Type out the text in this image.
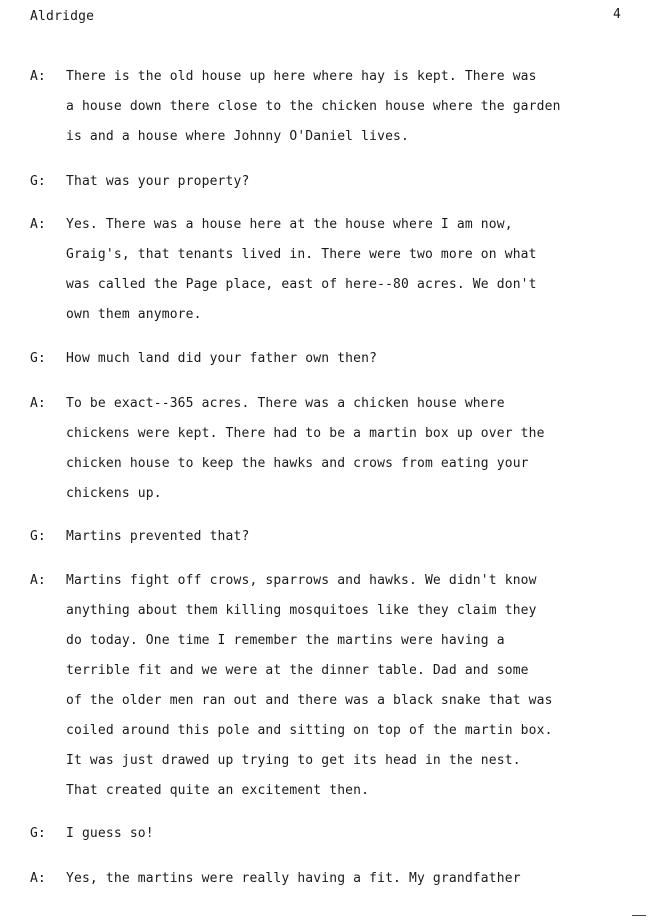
Aldridge	4
A:	There is the old house up here where hay is kept. There was
a house down there close to the chicken house where the garden
is and a house where Johnny O'Daniel lives.
G:	That was your property?
A:	Yes. There was a house here at the house where I am now,
Graig's, that tenants lived in. There were two more on what
was called the Page place, east of here--80 acres. We don't
own them anymore.
G:	How much land did your father own then?
A:	To be exact--365 acres. There was a chicken house where
chickens were kept. There had to be a martin box up over the
chicken house to keep the hawks and crows from eating your
chickens up.
G:	Martins prevented that?
A:	Martins fight off crows, sparrows and hawks. We didn't know
anything about them killing mosquitoes like they claim they
do today. One time I remember the martins were having a
terrible fit and we were at the dinner table. Dad and some
of the older men ran out and there was a black snake that was
coiled around this pole and sitting on top of the martin box.
It was just drawed up trying to get its head in the nest.
That created quite an excitement then.
G:	I guess so!
A:	Yes, the martins were really having a fit. My grandfather
